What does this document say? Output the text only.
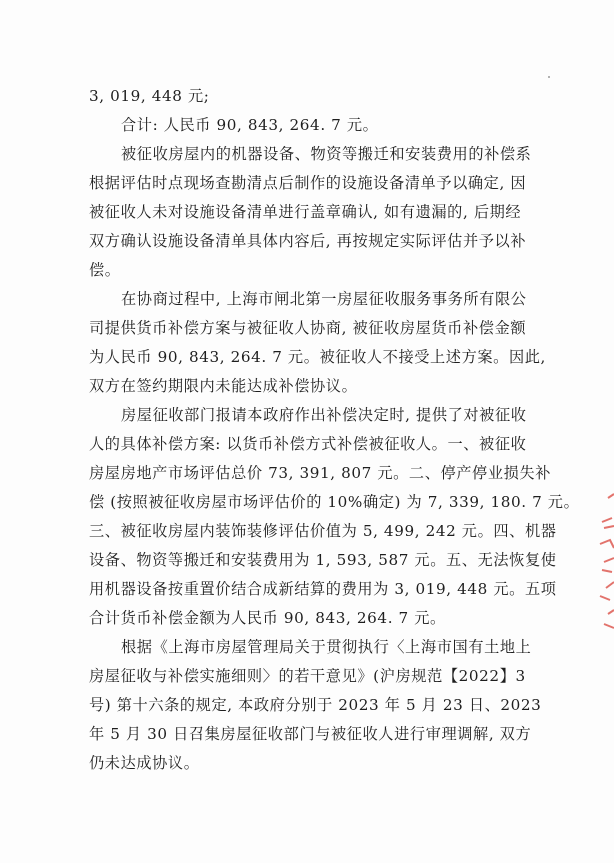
3, 019, 448 元;
合计: 人民币 90, 843, 264. 7 元。
被征收房屋内的机器设备、物资等搬迁和安装费用的补偿系
根据评估时点现场查勘清点后制作的设施设备清单予以确定, 因
被征收人未对设施设备清单进行盖章确认, 如有遗漏的, 后期经
双方确认设施设备清单具体内容后, 再按规定实际评估并予以补
偿。
在协商过程中, 上海市闸北第一房屋征收服务事务所有限公
司提供货币补偿方案与被征收人协商, 被征收房屋货币补偿金额
为人民币 90, 843, 264. 7 元。被征收人不接受上述方案。因此,
双方在签约期限内未能达成补偿协议。
房屋征收部门报请本政府作出补偿决定时, 提供了对被征收
人的具体补偿方案: 以货币补偿方式补偿被征收人。一、被征收
房屋房地产市场评估总价 73, 391, 807 元。二、停产停业损失补
偿 (按照被征收房屋市场评估价的 10%确定) 为 7, 339, 180. 7 元。
三、被征收房屋内装饰装修评估价值为 5, 499, 242 元。四、机器
设备、物资等搬迁和安装费用为 1, 593, 587 元。五、无法恢复使
用机器设备按重置价结合成新结算的费用为 3, 019, 448 元。五项
合计货币补偿金额为人民币 90, 843, 264. 7 元。
根据《上海市房屋管理局关于贯彻执行〈上海市国有土地上
房屋征收与补偿实施细则〉的若干意见》(沪房规范【2022】3
号) 第十六条的规定, 本政府分别于 2023 年 5 月 23 日、2023
年 5 月 30 日召集房屋征收部门与被征收人进行审理调解, 双方
仍未达成协议。
